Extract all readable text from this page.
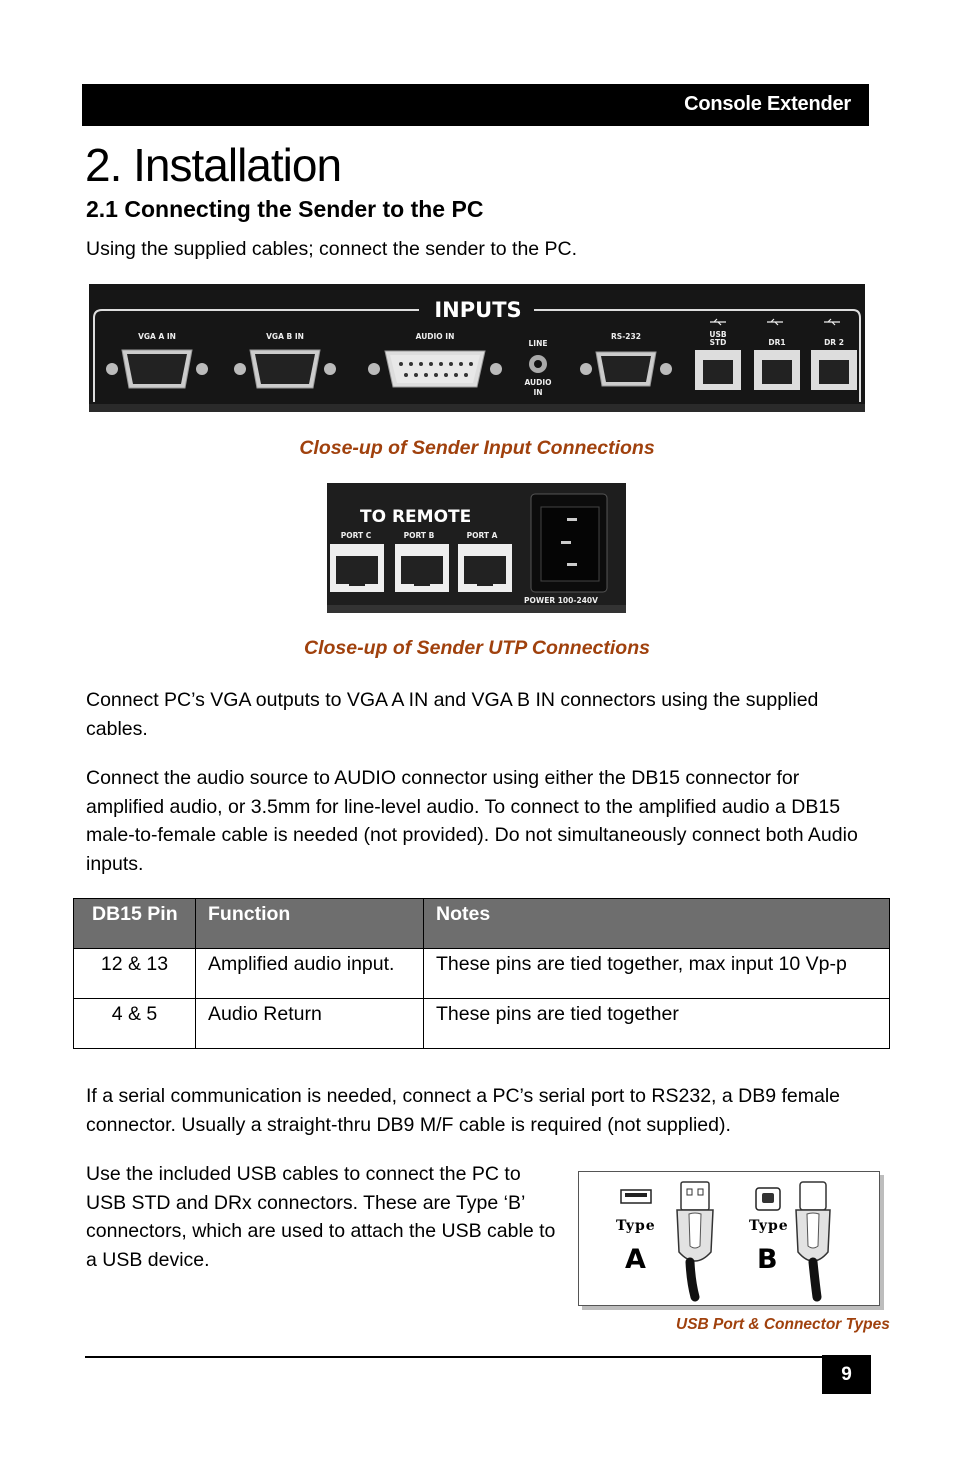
Console Extender
2. Installation
2.1 Connecting the Sender to the PC
Using the supplied cables; connect the sender to the PC.
INPUTS
VGA A IN	VGA B IN	AUDIO IN
LINE
AUDIO
IN
RS-232	USB
STD	DR1	DR 2
Close-up of Sender Input Connections
TO REMOTE
PORT C	PORT B	PORT A
POWER 100-240V
Close-up of Sender UTP Connections
Connect PC’s VGA outputs to VGA A IN and VGA B IN connectors using the supplied cables.
Connect the audio source to AUDIO connector using either the DB15 connector for amplified audio, or 3.5mm for line-level audio. To connect to the amplified audio a DB15 male-to-female cable is needed (not provided). Do not simultaneously connect both Audio inputs.
DB15 Pin	Function	Notes
12 & 13	Amplified audio input.	These pins are tied together, max input 10 Vp-p
4 & 5	Audio Return	These pins are tied together
If a serial communication is needed, connect a PC’s serial port to RS232, a DB9 female connector. Usually a straight-thru DB9 M/F cable is required (not supplied).
Use the included USB cables to connect the PC to USB STD and DRx connectors. These are Type ‘B’ connectors, which are used to attach the USB cable to a USB device.
Type
A
Type
B
USB Port & Connector Types
9
